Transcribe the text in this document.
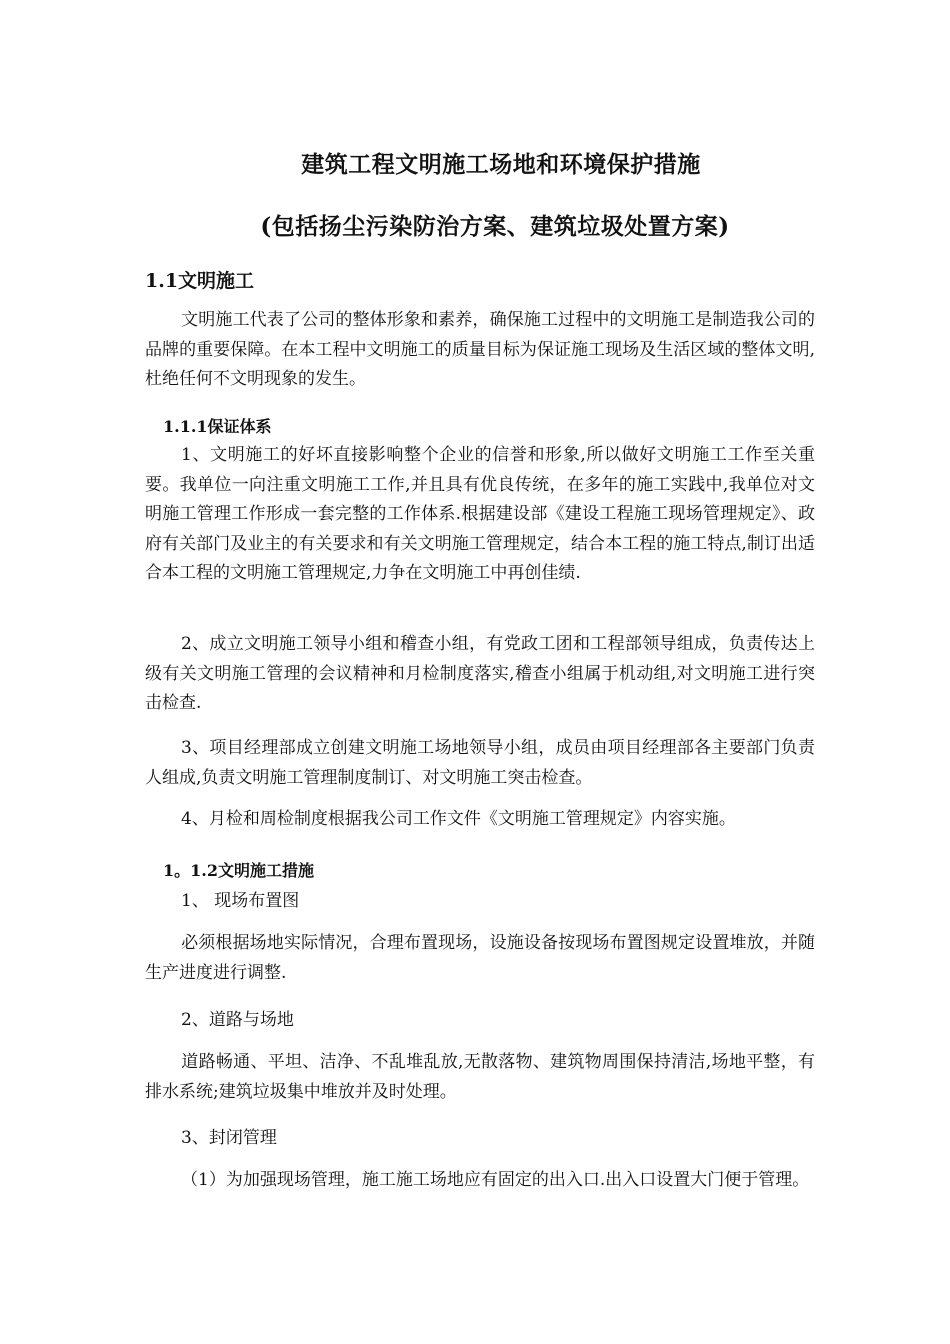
建筑工程文明施工场地和环境保护措施
(包括扬尘污染防治方案、建筑垃圾处置方案)
1.1文明施工

文明施工代表了公司的整体形象和素养，确保施工过程中的文明施工是制造我公司的品牌的重要保障。在本工程中文明施工的质量目标为保证施工现场及生活区域的整体文明,杜绝任何不文明现象的发生。

1.1.1保证体系

1、文明施工的好坏直接影响整个企业的信誉和形象,所以做好文明施工工作至关重要。我单位一向注重文明施工工作,并且具有优良传统，在多年的施工实践中,我单位对文明施工管理工作形成一套完整的工作体系.根据建设部《建设工程施工现场管理规定》、政府有关部门及业主的有关要求和有关文明施工管理规定，结合本工程的施工特点,制订出适合本工程的文明施工管理规定,力争在文明施工中再创佳绩.

2、成立文明施工领导小组和稽查小组，有党政工团和工程部领导组成，负责传达上级有关文明施工管理的会议精神和月检制度落实,稽查小组属于机动组,对文明施工进行突击检查.

3、项目经理部成立创建文明施工场地领导小组，成员由项目经理部各主要部门负责人组成,负责文明施工管理制度制订、对文明施工突击检查。

4、月检和周检制度根据我公司工作文件《文明施工管理规定》内容实施。

1。1.2文明施工措施
1、 现场布置图

必须根据场地实际情况，合理布置现场，设施设备按现场布置图规定设置堆放，并随生产进度进行调整.

2、道路与场地

道路畅通、平坦、洁净、不乱堆乱放,无散落物、建筑物周围保持清洁,场地平整，有排水系统;建筑垃圾集中堆放并及时处理。

3、封闭管理

（1）为加强现场管理，施工施工场地应有固定的出入口.出入口设置大门便于管理。
